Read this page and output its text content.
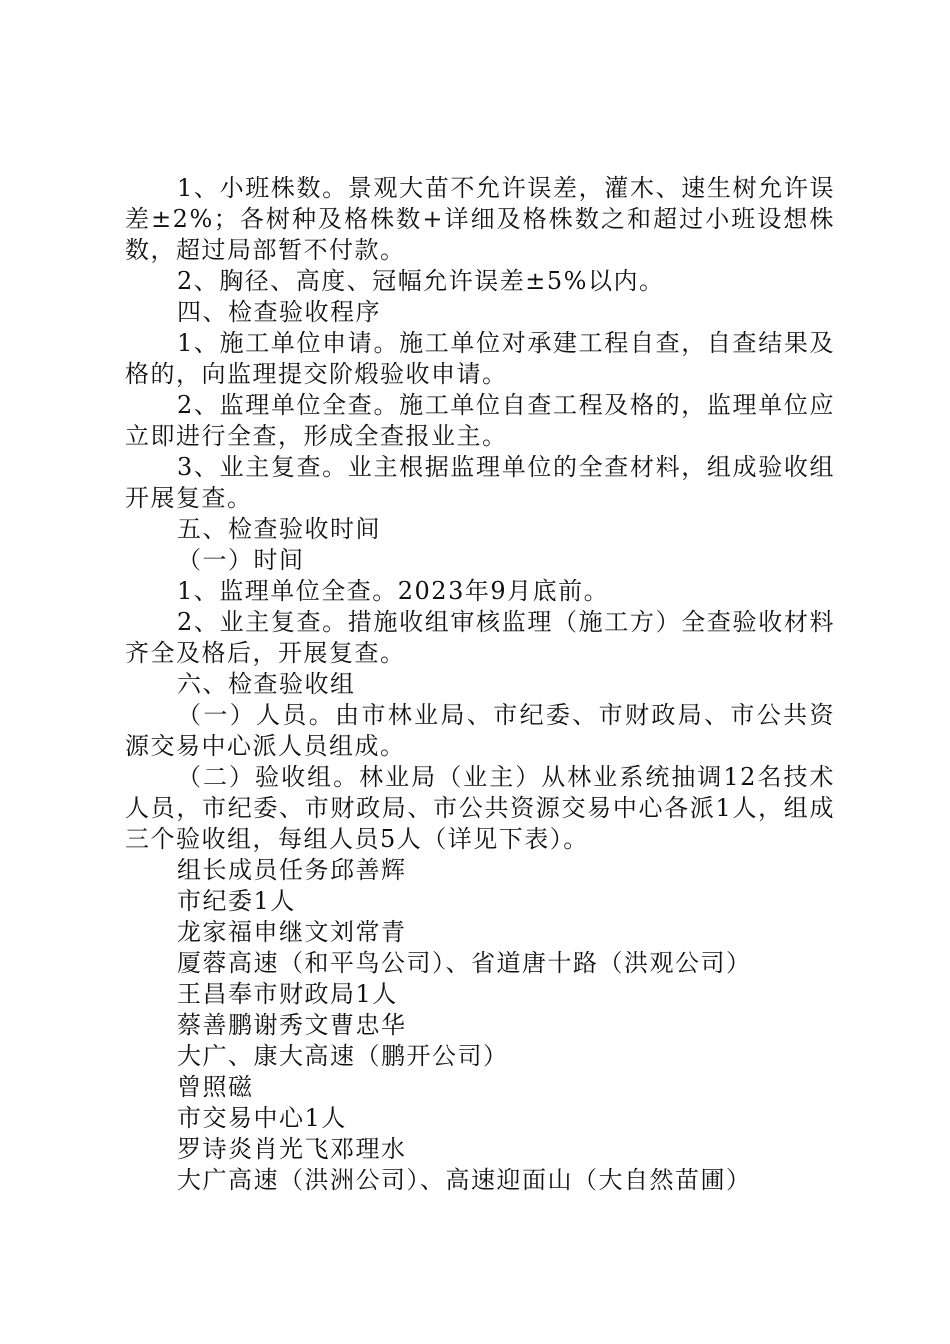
1、小班株数。景观大苗不允许误差，灌木、速生树允许误差±2%；各树种及格株数+详细及格株数之和超过小班设想株数，超过局部暂不付款。

2、胸径、高度、冠幅允许误差±5%以内。

四、检查验收程序

1、施工单位申请。施工单位对承建工程自查，自查结果及格的，向监理提交阶煅验收申请。

2、监理单位全查。施工单位自查工程及格的，监理单位应立即进行全查，形成全查报业主。

3、业主复查。业主根据监理单位的全查材料，组成验收组开展复查。

五、检查验收时间

（一）时间

1、监理单位全查。2023年9月底前。

2、业主复查。措施收组审核监理（施工方）全查验收材料齐全及格后，开展复查。

六、检查验收组

（一）人员。由市林业局、市纪委、市财政局、市公共资源交易中心派人员组成。

（二）验收组。林业局（业主）从林业系统抽调12名技术人员，市纪委、市财政局、市公共资源交易中心各派1人，组成三个验收组，每组人员5人（详见下表）。

组长成员任务邱善辉

市纪委1人

龙家福申继文刘常青

厦蓉高速（和平鸟公司）、省道唐十路（洪观公司）

王昌奉市财政局1人

蔡善鹏谢秀文曹忠华

大广、康大高速（鹏开公司）

曾照磁

市交易中心1人

罗诗炎肖光飞邓理水

大广高速（洪洲公司）、高速迎面山（大自然苗圃）
